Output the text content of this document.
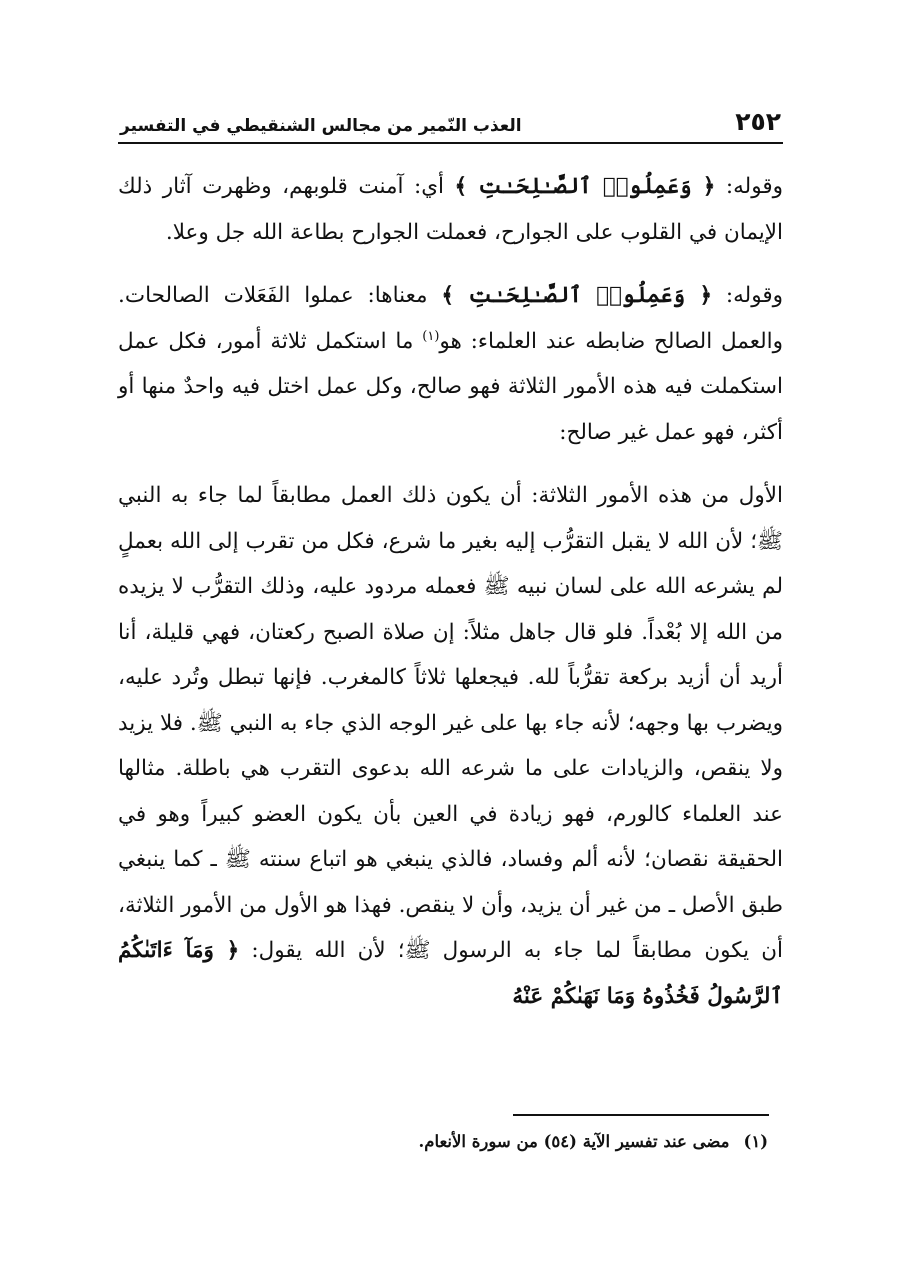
٢٥٢
العذب النّمير من مجالس الشنقيطي في التفسير

وقوله: ﴿ وَعَمِلُوا۟ ٱلصَّـٰلِحَـٰتِ ﴾ أي: آمنت قلوبهم، وظهرت آثار ذلك الإيمان في القلوب على الجوارح، فعملت الجوارح بطاعة الله جل وعلا.

وقوله: ﴿ وَعَمِلُوا۟ ٱلصَّـٰلِحَـٰتِ ﴾ معناها: عملوا الفَعَلات الصالحات. والعمل الصالح ضابطه عند العلماء: هو$^{(١)}$ ما استكمل ثلاثة أمور، فكل عمل استكملت فيه هذه الأمور الثلاثة فهو صالح، وكل عمل اختل فيه واحدٌ منها أو أكثر، فهو عمل غير صالح:

الأول من هذه الأمور الثلاثة: أن يكون ذلك العمل مطابقاً لما جاء به النبي ﷺ؛ لأن الله لا يقبل التقرُّب إليه بغير ما شرع، فكل من تقرب إلى الله بعملٍ لم يشرعه الله على لسان نبيه ﷺ فعمله مردود عليه، وذلك التقرُّب لا يزيده من الله إلا بُعْداً. فلو قال جاهل مثلاً: إن صلاة الصبح ركعتان، فهي قليلة، أنا أريد أن أزيد بركعة تقرُّباً لله. فيجعلها ثلاثاً كالمغرب. فإنها تبطل وتُرد عليه، ويضرب بها وجهه؛ لأنه جاء بها على غير الوجه الذي جاء به النبي ﷺ. فلا يزيد ولا ينقص، والزيادات على ما شرعه الله بدعوى التقرب هي باطلة. مثالها عند العلماء كالورم، فهو زيادة في العين بأن يكون العضو كبيراً وهو في الحقيقة نقصان؛ لأنه ألم وفساد، فالذي ينبغي هو اتباع سنته ﷺ ـ كما ينبغي طبق الأصل ـ من غير أن يزيد، وأن لا ينقص. فهذا هو الأول من الأمور الثلاثة، أن يكون مطابقاً لما جاء به الرسول ﷺ؛ لأن الله يقول: ﴿ وَمَآ ءَاتَىٰكُمُ ٱلرَّسُولُ فَخُذُوهُ وَمَا نَهَىٰكُمْ عَنْهُ

(١)مضى عند تفسير الآية (٥٤) من سورة الأنعام.
